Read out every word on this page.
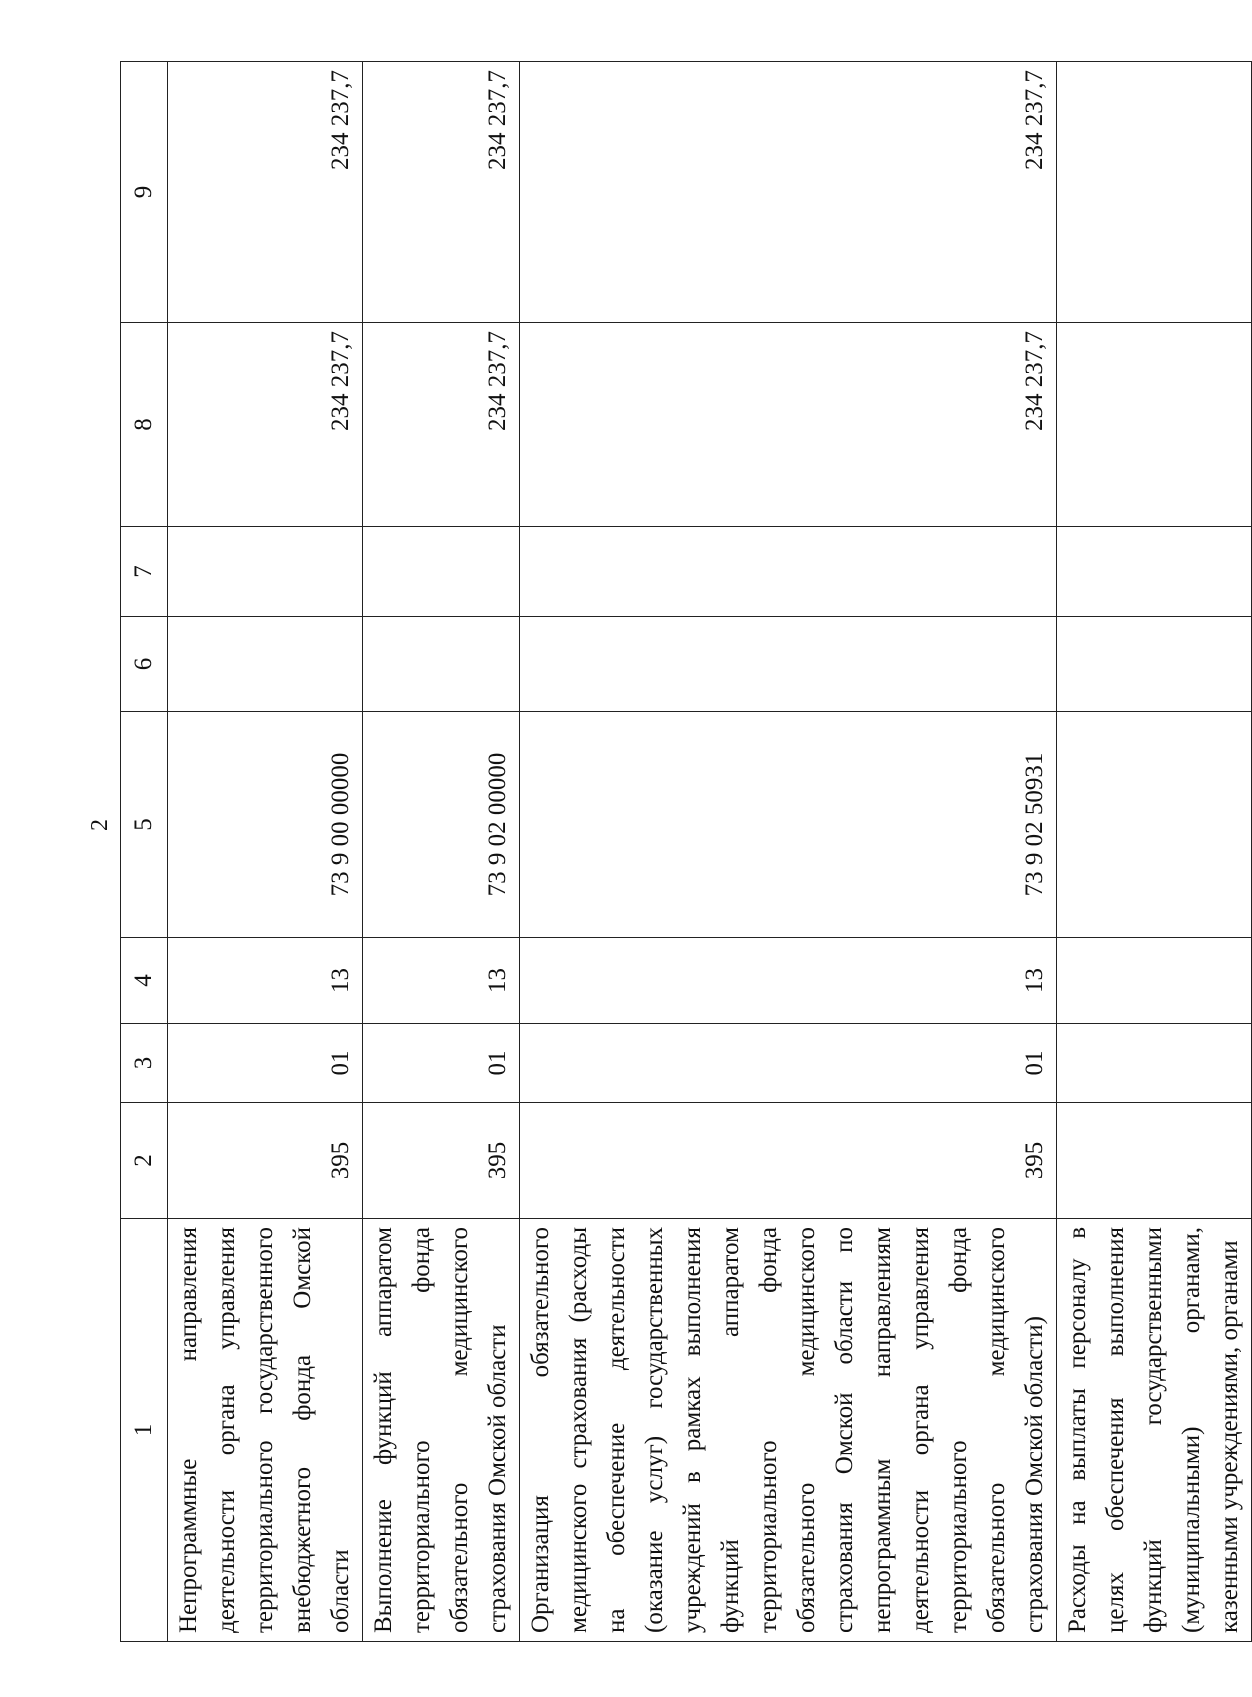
2
1	2	3	4	5	6	7	8	9
Непрограммные направления деятельности органа управления территориального государственного внебюджетного фонда Омской области	395	01	13	73 9 00 00000			234 237,7	234 237,7
Выполнение функций аппаратом территориального фонда обязательного медицинского страхования Омской области	395	01	13	73 9 02 00000			234 237,7	234 237,7
Организация обязательного медицинского страхования (расходы на обеспечение деятельности (оказание услуг) государственных учреждений в рамках выполнения функций аппаратом территориального фонда обязательного медицинского страхования Омской области по непрограммным направлениям деятельности органа управления территориального фонда обязательного медицинского страхования Омской области)	395	01	13	73 9 02 50931			234 237,7	234 237,7
Расходы на выплаты персоналу в целях обеспечения выполнения функций государственными (муниципальными) органами, казенными учреждениями, органами								
